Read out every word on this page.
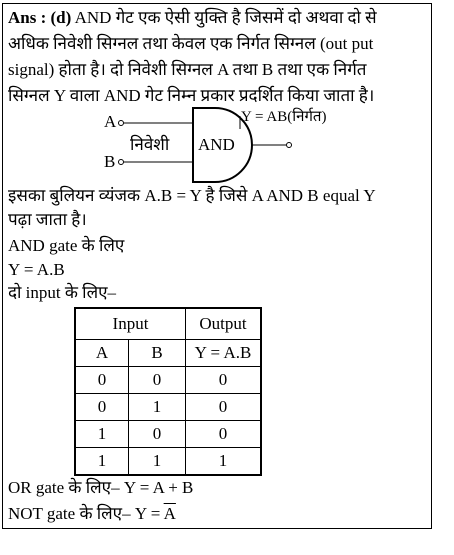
Ans : (d) AND गेट एक ऐसी युक्ति है जिसमें दो अथवा दो से
अधिक निवेशी सिग्नल तथा केवल एक निर्गत सिग्नल (out put
signal) होता है। दो निवेशी सिग्नल A तथा B तथा एक निर्गत
सिग्नल Y वाला AND गेट निम्न प्रकार प्रदर्शित किया जाता है।
A
B
निवेशी AND
Y = AB(निर्गत)
इसका बुलियन व्यंजक A.B = Y है जिसे A AND B equal Y
पढ़ा जाता है।
AND gate के लिए
Y = A.B
दो input के लिए–
Input		Output
A	B	Y = A.B
0	0	0
0	1	0
1	0	0
1	1	1
OR gate के लिए– Y = A + B
NOT gate के लिए– $Y = \overline{A}$
